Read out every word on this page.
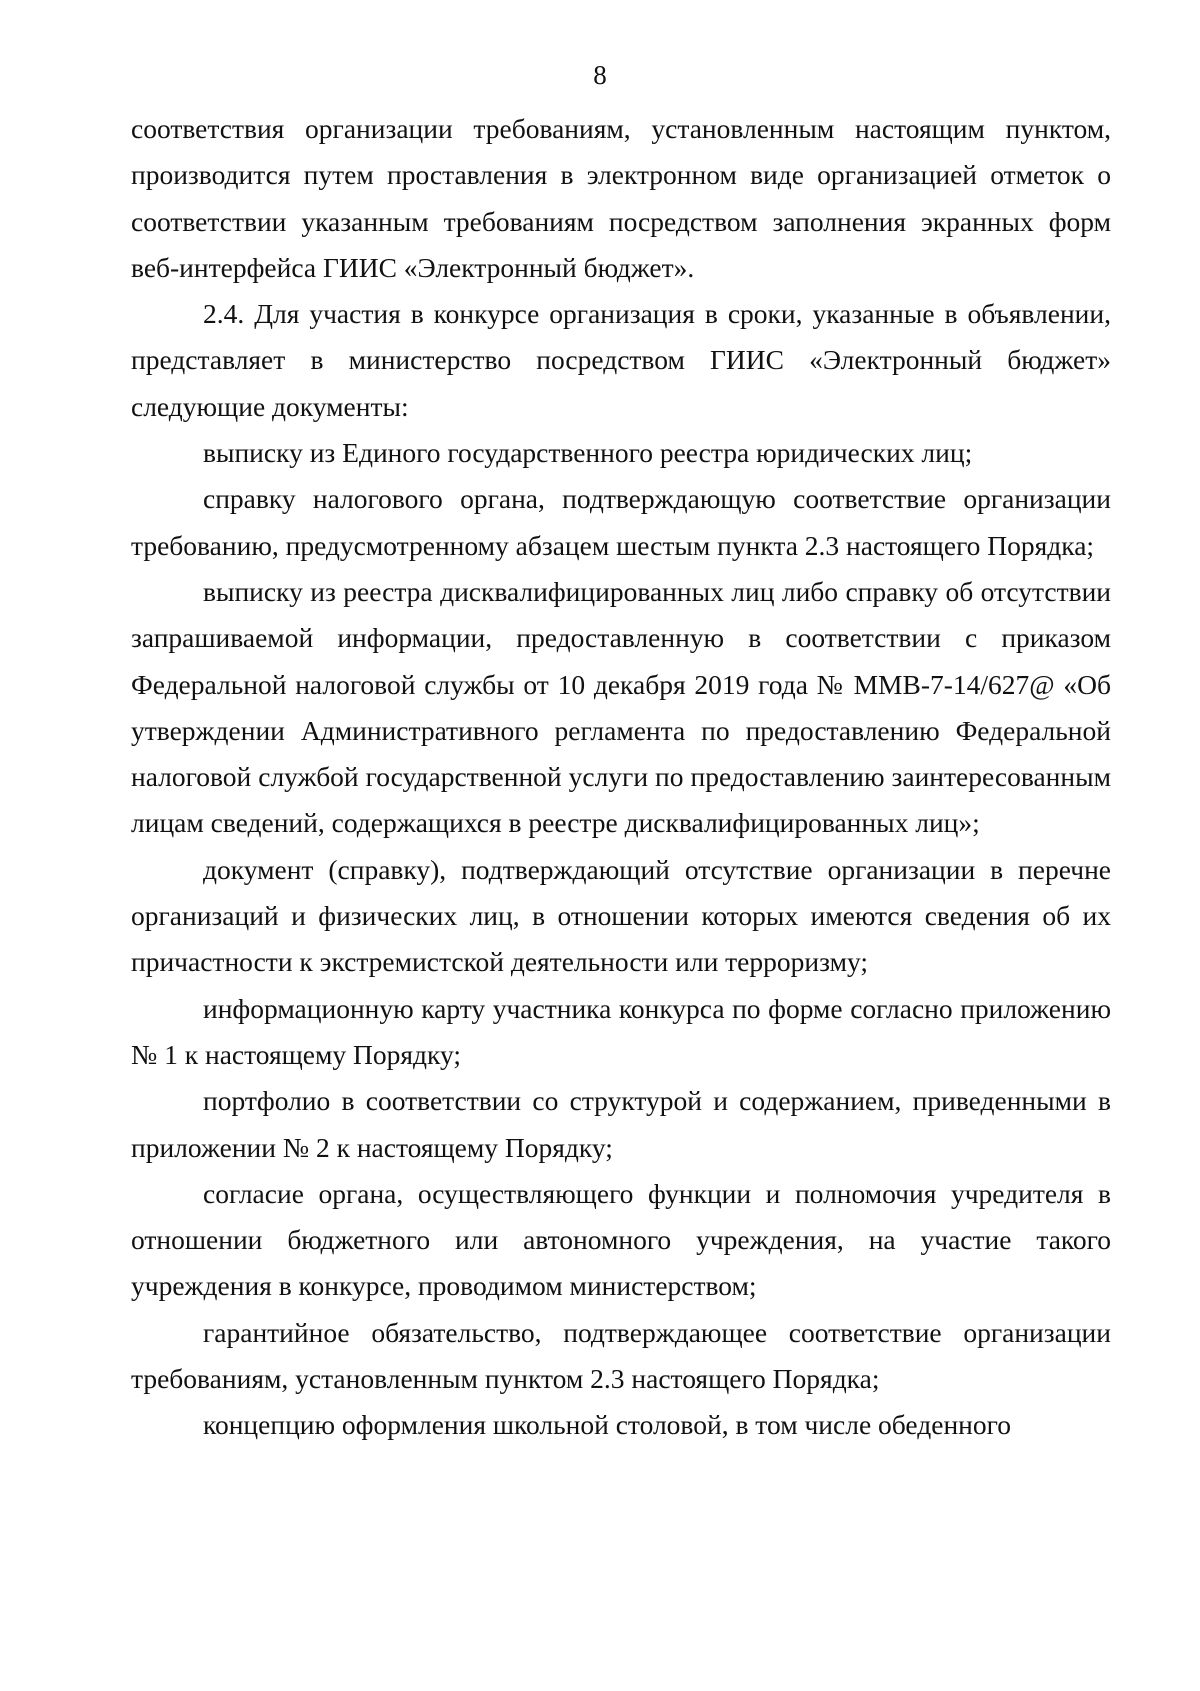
8

соответствия организации требованиям, установленным настоящим пунктом, производится путем проставления в электронном виде организацией отметок о соответствии указанным требованиям посредством заполнения экранных форм веб-интерфейса ГИИС «Электронный бюджет».

2.4. Для участия в конкурсе организация в сроки, указанные в объявлении, представляет в министерство посредством ГИИС «Электронный бюджет» следующие документы:

выписку из Единого государственного реестра юридических лиц;

справку налогового органа, подтверждающую соответствие организации требованию, предусмотренному абзацем шестым пункта 2.3 настоящего Порядка;

выписку из реестра дисквалифицированных лиц либо справку об отсутствии запрашиваемой информации, предоставленную в соответствии с приказом Федеральной налоговой службы от 10 декабря 2019 года № ММВ-7-14/627@ «Об утверждении Административного регламента по предоставлению Федеральной налоговой службой государственной услуги по предоставлению заинтересованным лицам сведений, содержащихся в реестре дисквалифицированных лиц»;

документ (справку), подтверждающий отсутствие организации в перечне организаций и физических лиц, в отношении которых имеются сведения об их причастности к экстремистской деятельности или терроризму;

информационную карту участника конкурса по форме согласно приложению № 1 к настоящему Порядку;

портфолио в соответствии со структурой и содержанием, приведенными в приложении № 2 к настоящему Порядку;

согласие органа, осуществляющего функции и полномочия учредителя в отношении бюджетного или автономного учреждения, на участие такого учреждения в конкурсе, проводимом министерством;

гарантийное обязательство, подтверждающее соответствие организации требованиям, установленным пунктом 2.3 настоящего Порядка;

концепцию оформления школьной столовой, в том числе обеденного
